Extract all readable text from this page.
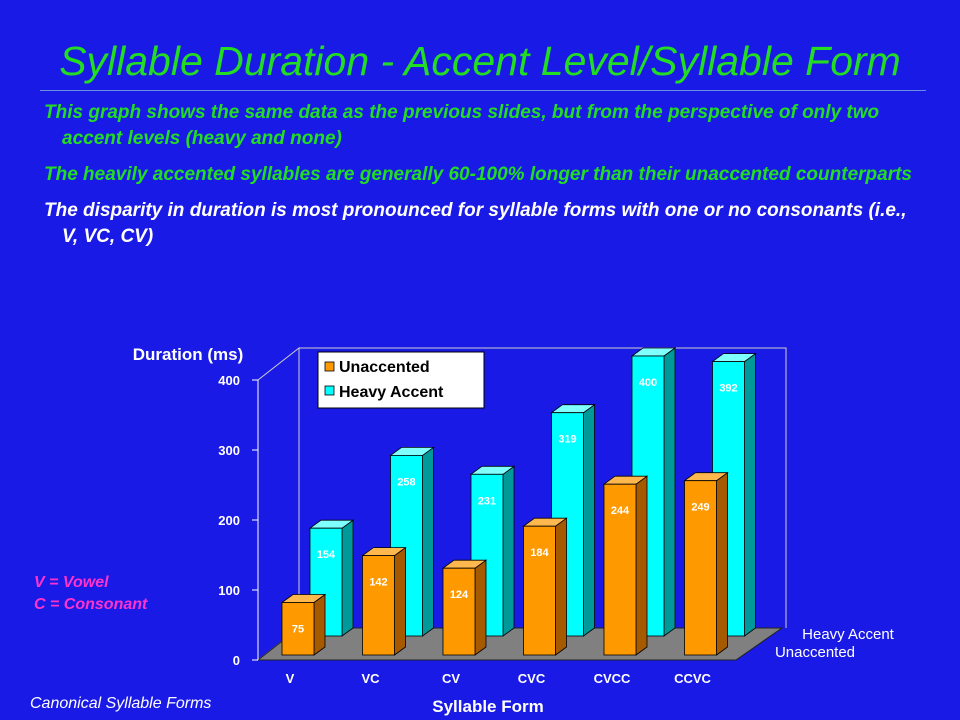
Syllable Duration - Accent Level/Syllable Form
This graph shows the same data as the previous slides, but from the perspective of only two accent levels (heavy and none)
The heavily accented syllables are generally 60-100% longer than their unaccented counterparts
The disparity in duration is most pronounced for syllable forms with one or no consonants (i.e., V, VC, CV)
0
100
200
300
400
Duration (ms)
154
258
231
319
400	392
75
V
142
VC
124
CV
184
CVC
244
CVCC
249
CCVC
Syllable Form
Heavy Accent
Unaccented
Unaccented
Heavy Accent
V = Vowel
C = Consonant
Canonical Syllable Forms
